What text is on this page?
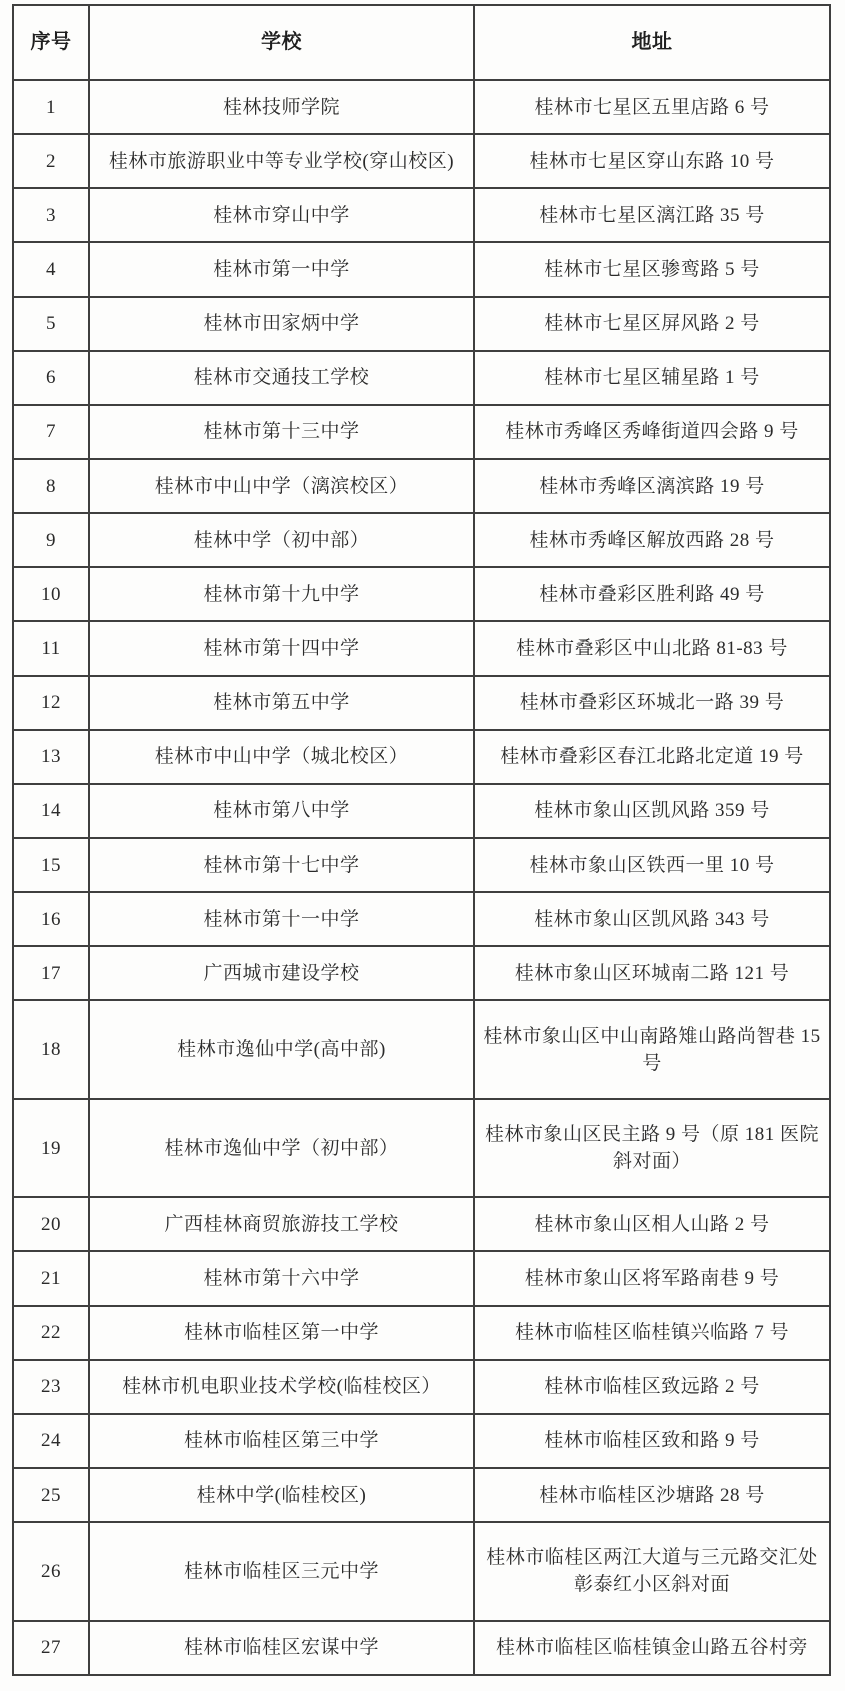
序号	学校	地址
1	桂林技师学院	桂林市七星区五里店路 6 号
2	桂林市旅游职业中等专业学校(穿山校区)	桂林市七星区穿山东路 10 号
3	桂林市穿山中学	桂林市七星区漓江路 35 号
4	桂林市第一中学	桂林市七星区骖鸾路 5 号
5	桂林市田家炳中学	桂林市七星区屏风路 2 号
6	桂林市交通技工学校	桂林市七星区辅星路 1 号
7	桂林市第十三中学	桂林市秀峰区秀峰街道四会路 9 号
8	桂林市中山中学（漓滨校区）	桂林市秀峰区漓滨路 19 号
9	桂林中学（初中部）	桂林市秀峰区解放西路 28 号
10	桂林市第十九中学	桂林市叠彩区胜利路 49 号
11	桂林市第十四中学	桂林市叠彩区中山北路 81-83 号
12	桂林市第五中学	桂林市叠彩区环城北一路 39 号
13	桂林市中山中学（城北校区）	桂林市叠彩区春江北路北定道 19 号
14	桂林市第八中学	桂林市象山区凯风路 359 号
15	桂林市第十七中学	桂林市象山区铁西一里 10 号
16	桂林市第十一中学	桂林市象山区凯风路 343 号
17	广西城市建设学校	桂林市象山区环城南二路 121 号
18	桂林市逸仙中学(高中部)	桂林市象山区中山南路雉山路尚智巷 15 号
19	桂林市逸仙中学（初中部）	桂林市象山区民主路 9 号（原 181 医院斜对面）
20	广西桂林商贸旅游技工学校	桂林市象山区相人山路 2 号
21	桂林市第十六中学	桂林市象山区将军路南巷 9 号
22	桂林市临桂区第一中学	桂林市临桂区临桂镇兴临路 7 号
23	桂林市机电职业技术学校(临桂校区）	桂林市临桂区致远路 2 号
24	桂林市临桂区第三中学	桂林市临桂区致和路 9 号
25	桂林中学(临桂校区)	桂林市临桂区沙塘路 28 号
26	桂林市临桂区三元中学	桂林市临桂区两江大道与三元路交汇处彰泰红小区斜对面
27	桂林市临桂区宏谋中学	桂林市临桂区临桂镇金山路五谷村旁
